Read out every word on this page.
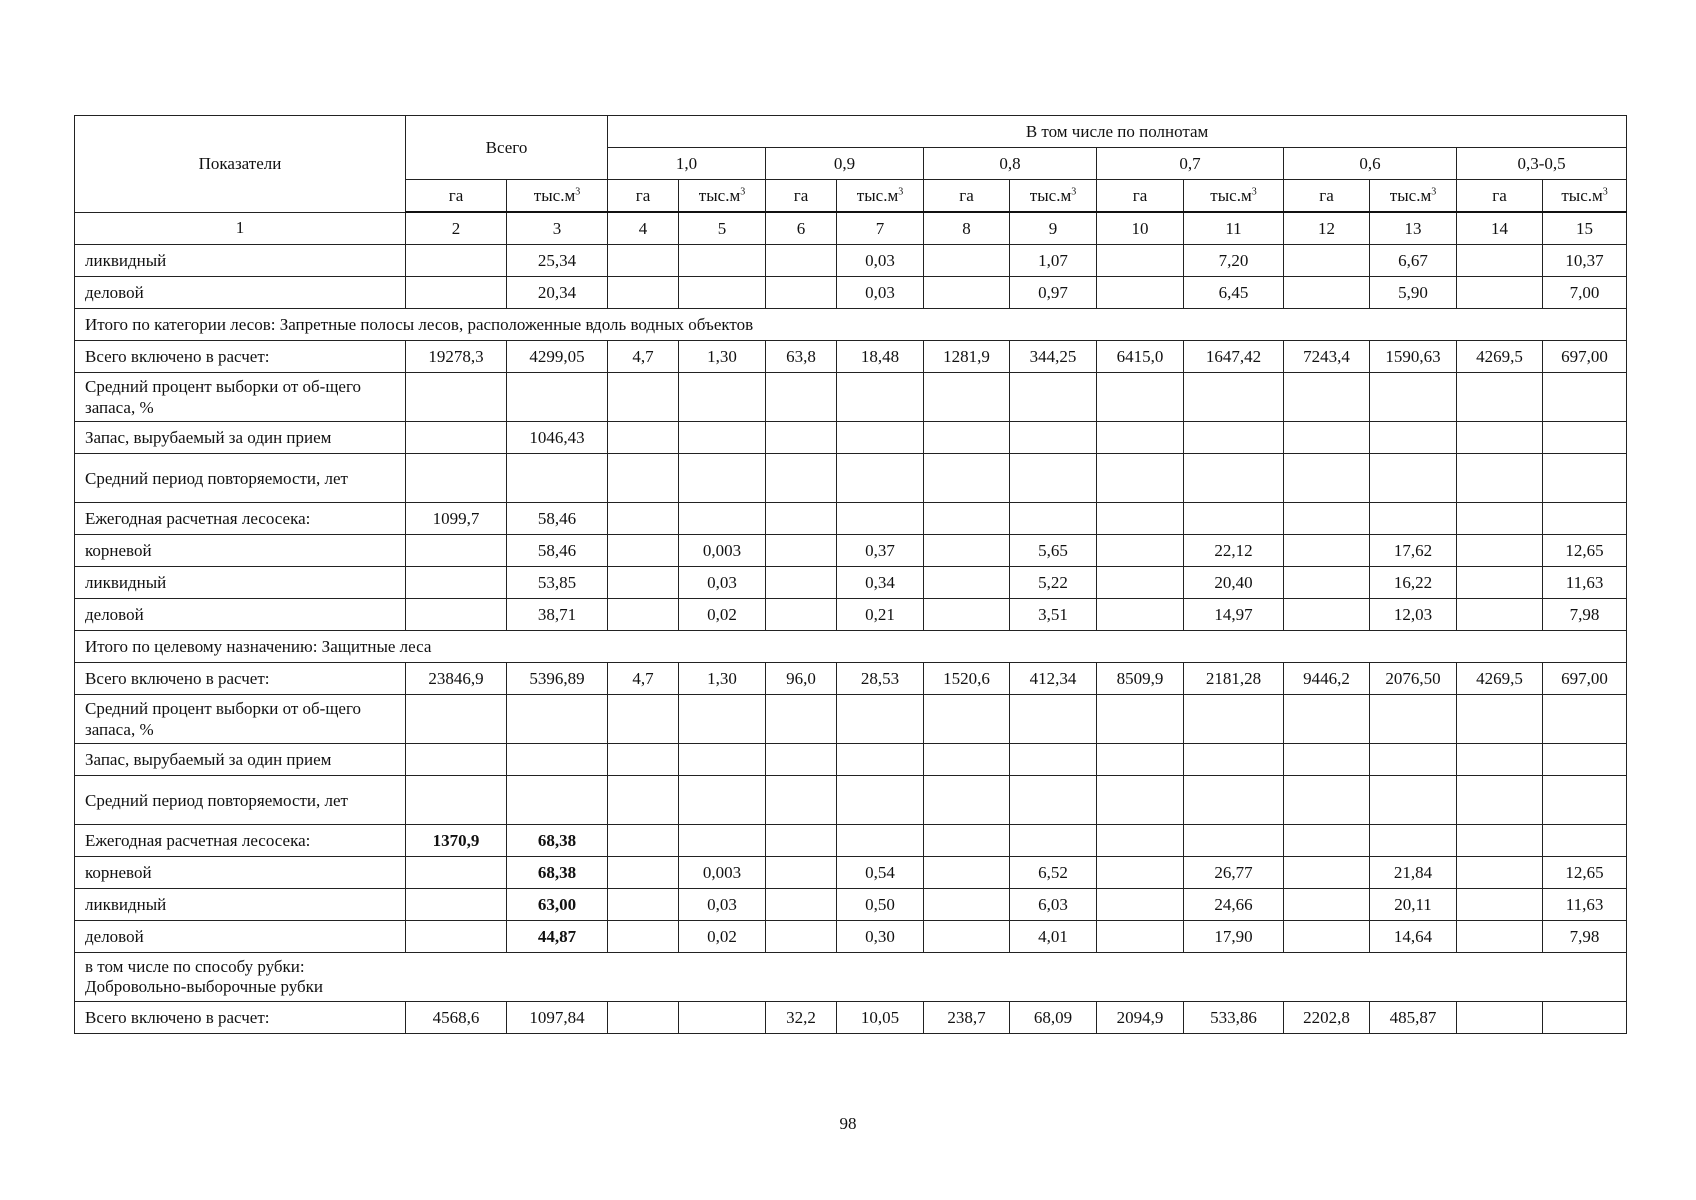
Показатели	Всего		В том числе по полнотам											
			1,0		0,9		0,8		0,7		0,6		0,3-0,5	
	га	$тыс.м^3$	га	$тыс.м^3$	га	$тыс.м^3$	га	$тыс.м^3$	га	$тыс.м^3$	га	$тыс.м^3$	га	$тыс.м^3$
1	2	3	4	5	6	7	8	9	10	11	12	13	14	15
ликвидный		25,34				0,03		1,07		7,20		6,67		10,37
деловой		20,34				0,03		0,97		6,45		5,90		7,00
Итого по категории лесов: Запретные полосы лесов, расположенные вдоль водных объектов														
Всего включено в расчет:	19278,3	4299,05	4,7	1,30	63,8	18,48	1281,9	344,25	6415,0	1647,42	7243,4	1590,63	4269,5	697,00
Средний процент выборки от об-щего запаса, %														
Запас, вырубаемый за один прием		1046,43												
Средний период повторяемости, лет														
Ежегодная расчетная лесосека:	1099,7	58,46												
корневой		58,46		0,003		0,37		5,65		22,12		17,62		12,65
ликвидный		53,85		0,03		0,34		5,22		20,40		16,22		11,63
деловой		38,71		0,02		0,21		3,51		14,97		12,03		7,98
Итого по целевому назначению: Защитные леса														
Всего включено в расчет:	23846,9	5396,89	4,7	1,30	96,0	28,53	1520,6	412,34	8509,9	2181,28	9446,2	2076,50	4269,5	697,00
Средний процент выборки от об-щего запаса, %														
Запас, вырубаемый за один прием														
Средний период повторяемости, лет														
Ежегодная расчетная лесосека:	1370,9	68,38												
корневой		68,38		0,003		0,54		6,52		26,77		21,84		12,65
ликвидный		63,00		0,03		0,50		6,03		24,66		20,11		11,63
деловой		44,87		0,02		0,30		4,01		17,90		14,64		7,98

в том числе по способу рубки:
Добровольно-выборочные рубки														

Всего включено в расчет:	4568,6	1097,84			32,2	10,05	238,7	68,09	2094,9	533,86	2202,8	485,87		
98
